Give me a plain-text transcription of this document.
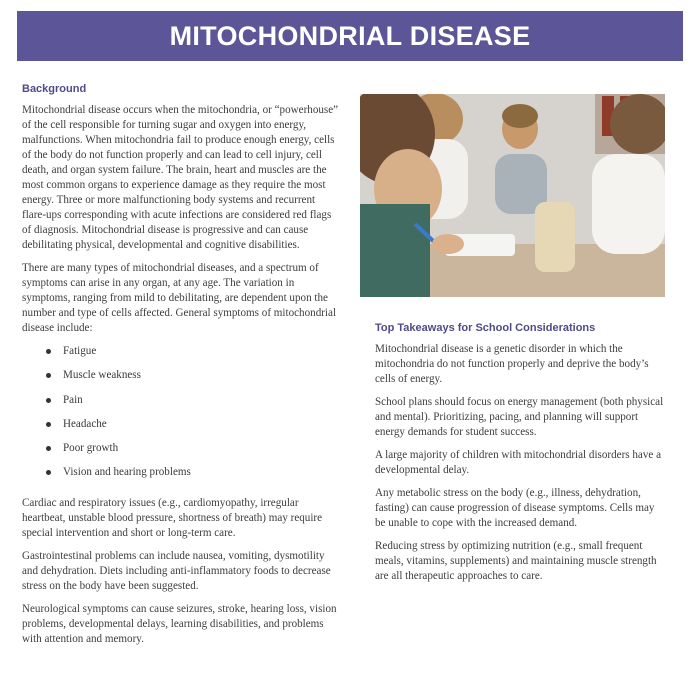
MITOCHONDRIAL DISEASE
Background

Mitochondrial disease occurs when the mitochondria, or “powerhouse” of the cell responsible for turning sugar and oxygen into energy, malfunctions. When mitochondria fail to produce enough energy, cells of the body do not function properly and can lead to cell injury, cell death, and organ system failure. The brain, heart and muscles are the most common organs to experience damage as they require the most energy. Three or more malfunctioning body systems and recurrent flare-ups corresponding with acute infections are considered red flags of diagnosis. Mitochondrial disease is progressive and can cause debilitating physical, developmental and cognitive disabilities.

There are many types of mitochondrial diseases, and a spectrum of symptoms can arise in any organ, at any age. The variation in symptoms, ranging from mild to debilitating, are dependent upon the number and type of cells affected. General symptoms of mitochondrial disease include:

Fatigue
Muscle weakness
Pain
Headache
Poor growth
Vision and hearing problems

Cardiac and respiratory issues (e.g., cardiomyopathy, irregular heartbeat, unstable blood pressure, shortness of breath) may require special intervention and short or long-term care.

Gastrointestinal problems can include nausea, vomiting, dysmotility and dehydration. Diets including anti-inflammatory foods to decrease stress on the body have been suggested.

Neurological symptoms can cause seizures, stroke, hearing loss, vision problems, developmental delays, learning disabilities, and problems with attention and memory.

Top Takeaways for School Considerations

Mitochondrial disease is a genetic disorder in which the mitochondria do not function properly and deprive the body’s cells of energy.

School plans should focus on energy management (both physical and mental). Prioritizing, pacing, and planning will support energy demands for student success.

A large majority of children with mitochondrial disorders have a developmental delay.

Any metabolic stress on the body (e.g., illness, dehydration, fasting) can cause progression of disease symptoms. Cells may be unable to cope with the increased demand.

Reducing stress by optimizing nutrition (e.g., small frequent meals, vitamins, supplements) and maintaining muscle strength are all therapeutic approaches to care.
